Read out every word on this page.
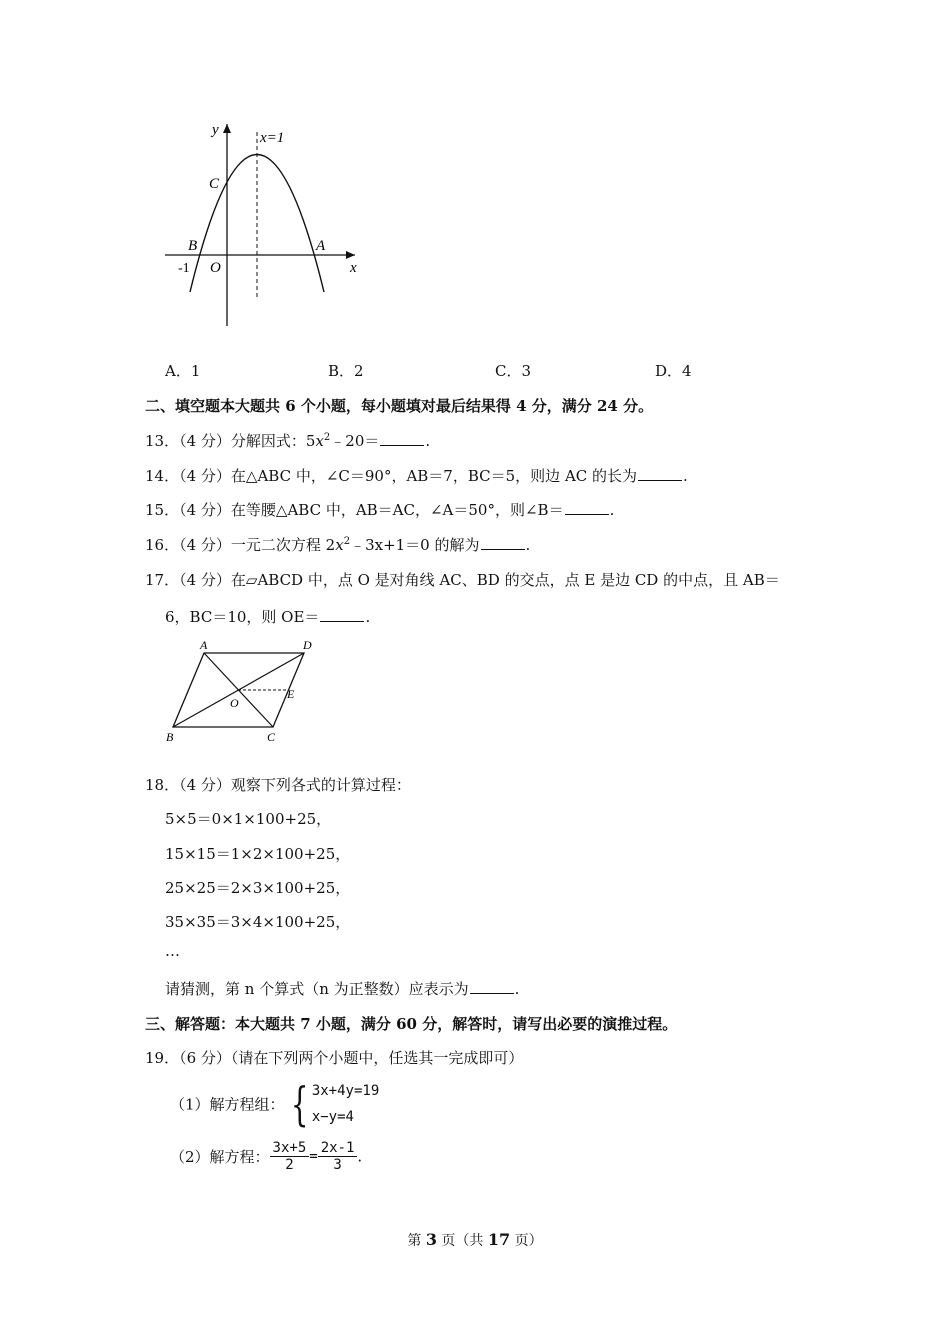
y
x
x=1
C
B	A
O
-1
A．1	B．2	C．3	D．4
二、填空题本大题共 6 个小题，每小题填对最后结果得 4 分，满分 24 分。
13．（4 分）分解因式：$5x^2﹣20=$	.
14．（4 分）在△ABC 中，∠C＝90°，AB＝7，BC＝5，则边 AC 的长为	.
15．（4 分）在等腰△ABC 中，AB＝AC，∠A＝50°，则∠B＝	.
16．（4 分）一元二次方程 $2x^2﹣3x+1=0$ 的解为	.
17．（4 分）在▱ABCD 中，点 O 是对角线 AC、BD 的交点，点 E 是边 CD 的中点，且 AB＝
6，BC＝10，则 OE＝	.
A	D
O
E
B	C
18．（4 分）观察下列各式的计算过程：
5×5＝0×1×100+25，
15×15＝1×2×100+25，
25×25＝2×3×100+25，
35×35＝3×4×100+25，
…
请猜测，第 n 个算式（n 为正整数）应表示为	.
三、解答题：本大题共 7 小题，满分 60 分，解答时，请写出必要的演推过程。
19．（6 分）（请在下列两个小题中，任选其一完成即可）
（1）解方程组： { 3x+4y=19
x−y=4
（2）解方程： $\frac{3x+5}{2} = \frac{2x-1}{3}$ .
第 3 页（共 17 页）
